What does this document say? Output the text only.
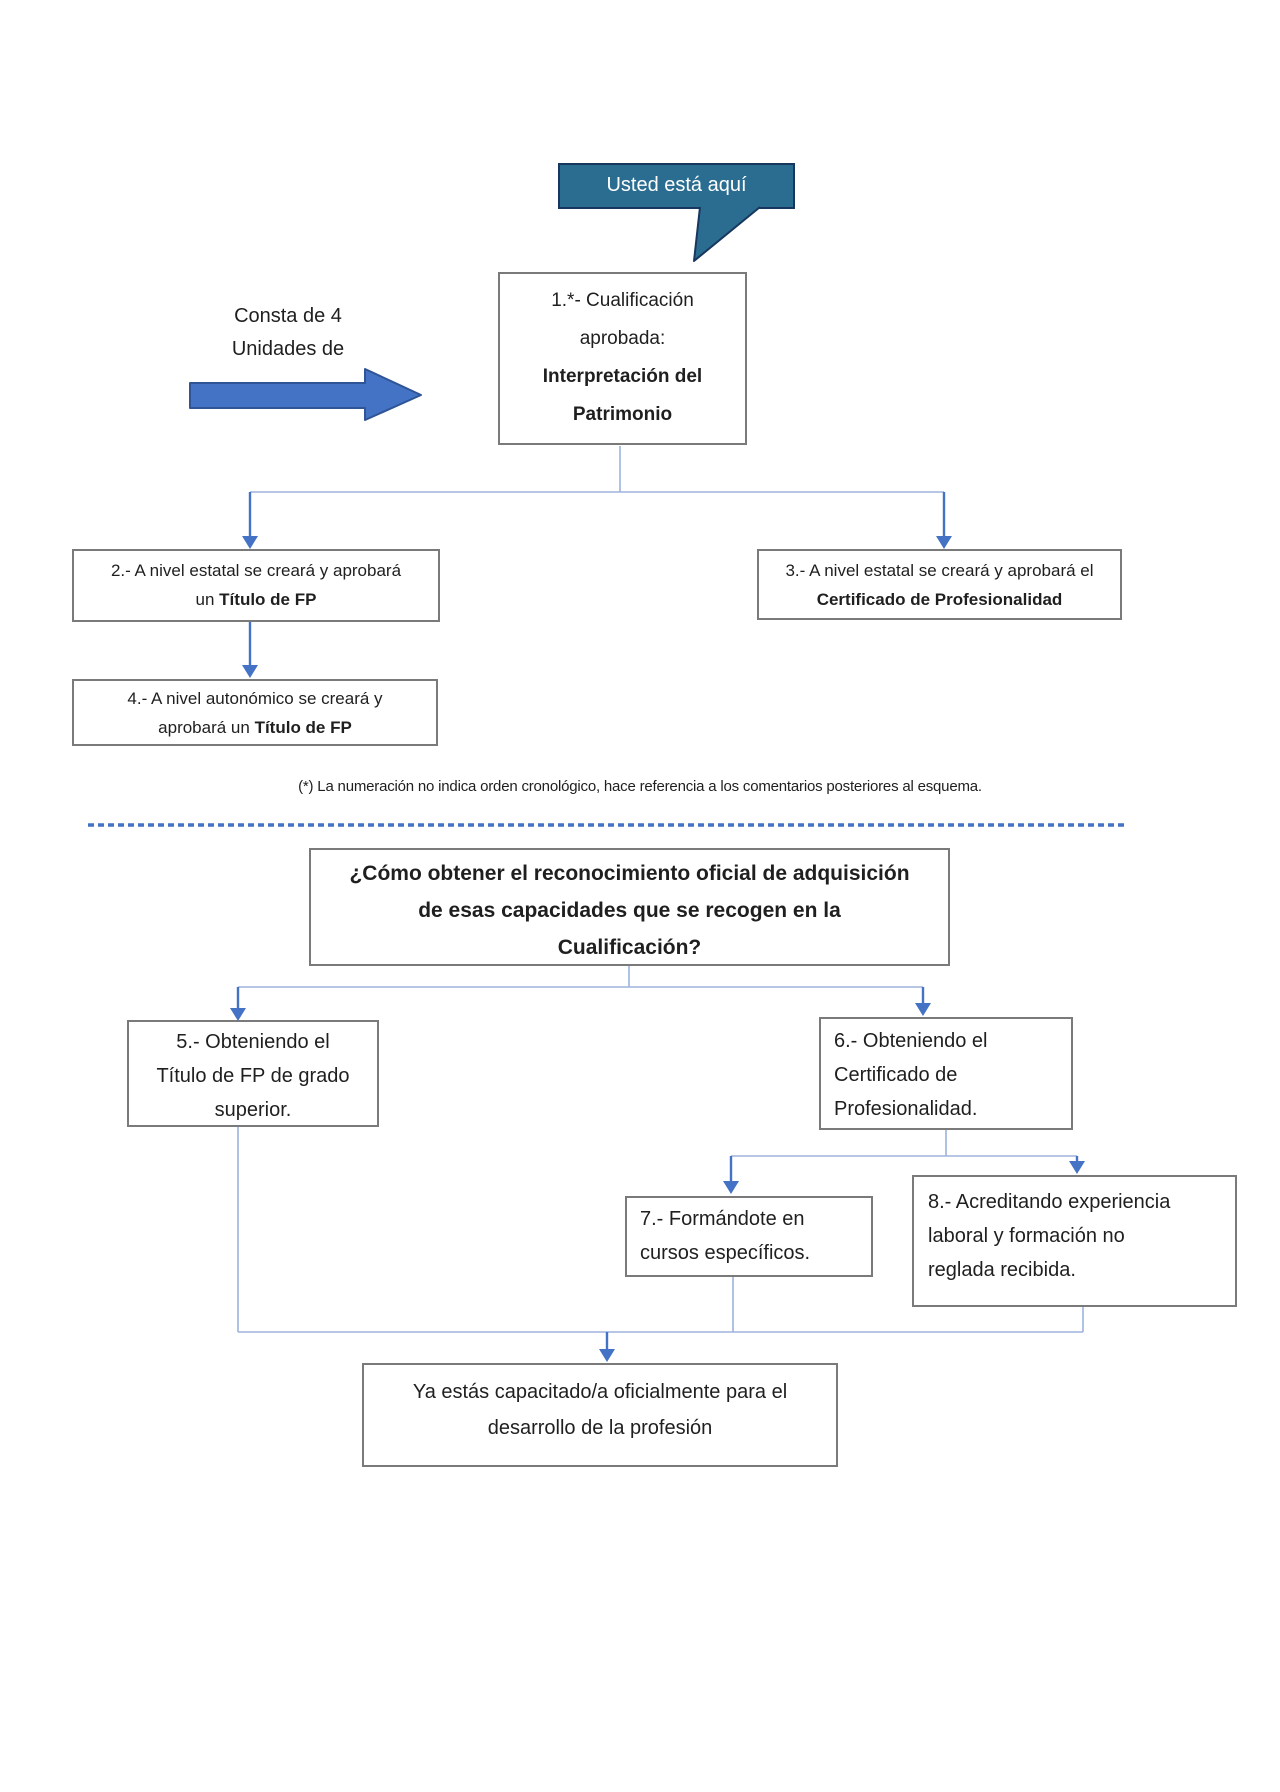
Usted está aquí
Consta de 4
Unidades de
1.*- Cualificación
aprobada:
Interpretación del
Patrimonio
2.- A nivel estatal se creará y aprobará
un Título de FP
3.- A nivel estatal se creará y aprobará el
Certificado de Profesionalidad
4.- A nivel autonómico se creará y
aprobará un Título de FP
(*) La numeración no indica orden cronológico, hace referencia a los comentarios posteriores al esquema.
¿Cómo obtener el reconocimiento oficial de adquisición
de esas capacidades que se recogen en la
Cualificación?
5.- Obteniendo el
Título de FP de grado
superior.
6.- Obteniendo el
Certificado de
Profesionalidad.
7.- Formándote en
cursos específicos.
8.- Acreditando experiencia
laboral y formación no
reglada recibida.
Ya estás capacitado/a oficialmente para el
desarrollo de la profesión
